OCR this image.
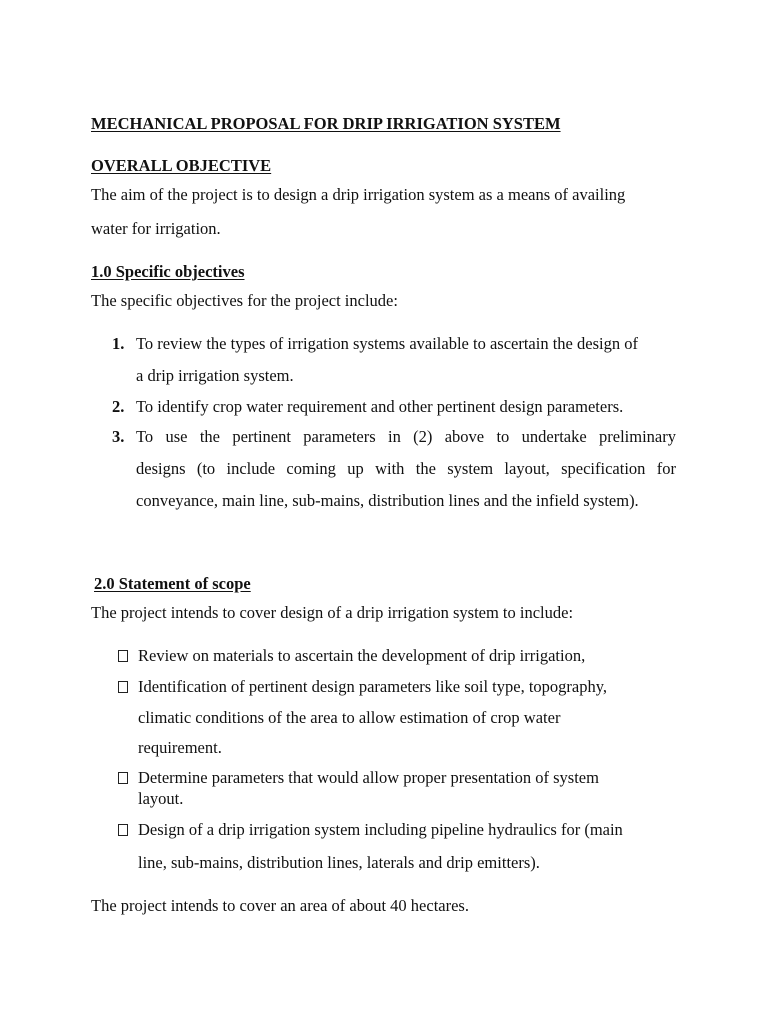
MECHANICAL PROPOSAL FOR DRIP IRRIGATION SYSTEM
OVERALL OBJECTIVE
The aim of the project is to design a drip irrigation system as a means of availing
water for irrigation.
1.0 Specific objectives
The specific objectives for the project include:
1. To review the types of irrigation systems available to ascertain the design of
a drip irrigation system.
2. To identify crop water requirement and other pertinent design parameters.
3. To use the pertinent parameters in (2) above to undertake preliminary
designs (to include coming up with the system layout, specification for
conveyance, main line, sub-mains, distribution lines and the infield system).
2.0 Statement of scope
The project intends to cover design of a drip irrigation system to include:
Review on materials to ascertain the development of drip irrigation,
Identification of pertinent design parameters like soil type, topography,
climatic conditions of the area to allow estimation of crop water
requirement.
Determine parameters that would allow proper presentation of system
layout.
Design of a drip irrigation system including pipeline hydraulics for (main
line, sub-mains, distribution lines, laterals and drip emitters).
The project intends to cover an area of about 40 hectares.
